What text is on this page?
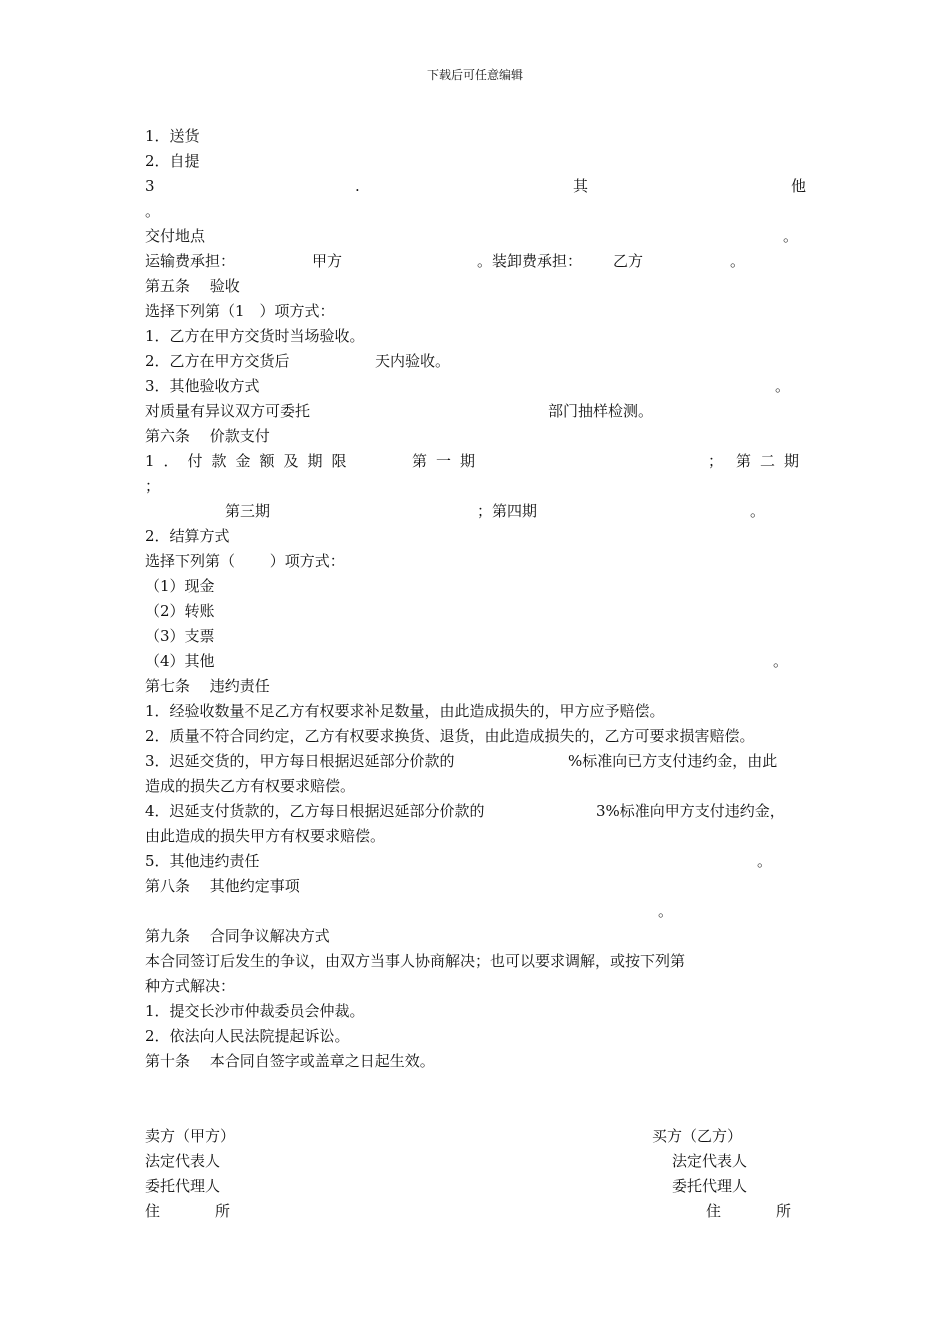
下载后可任意编辑
1．送货
2．自提
3	.	其	他
。
交付地点	。
运输费承担：	甲方	。装卸费承担： 乙方	。
第五条　 验收
选择下列第（1　）项方式：
1．乙方在甲方交货时当场验收。
2．乙方在甲方交货后	天内验收。
3．其他验收方式	。
对质量有异议双方可委托	部门抽样检测。
第六条　 价款支付
1．付款金额及期限	第一期	； 第二期
；
第三期	；第四期	。
2．结算方式
选择下列第（　　 ）项方式：
（1）现金
（2）转账
（3）支票
（4）其他	。
第七条　 违约责任
1．经验收数量不足乙方有权要求补足数量，由此造成损失的，甲方应予赔偿。
2．质量不符合同约定，乙方有权要求换货、退货，由此造成损失的，乙方可要求损害赔偿。
3．迟延交货的，甲方每日根据迟延部分价款的	%标准向已方支付违约金，由此
造成的损失乙方有权要求赔偿。
4．迟延支付货款的，乙方每日根据迟延部分价款的	3%标准向甲方支付违约金，
由此造成的损失甲方有权要求赔偿。
5．其他违约责任	。
第八条　 其他约定事项
。
第九条　 合同争议解决方式
本合同签订后发生的争议，由双方当事人协商解决；也可以要求调解，或按下列第
种方式解决：
1．提交长沙市仲裁委员会仲裁。
2．依法向人民法院提起诉讼。
第十条　 本合同自签字或盖章之日起生效。
卖方（甲方）	买方（乙方）
法定代表人	法定代表人
委托代理人	委托代理人
住	所	住	所
